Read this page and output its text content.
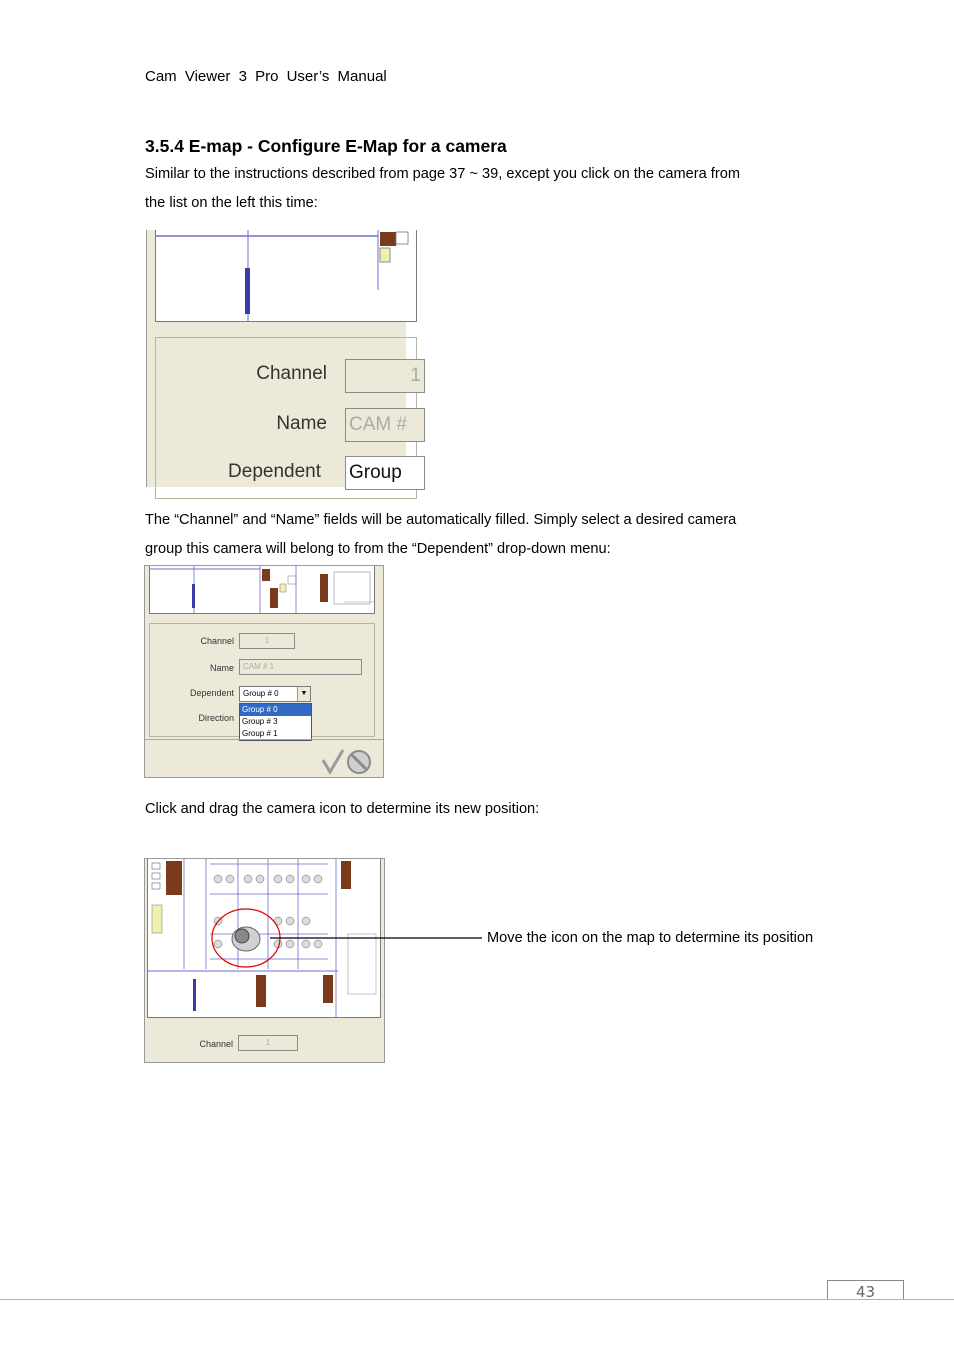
Cam Viewer 3 Pro User’s Manual
3.5.4 E-map - Configure E-Map for a camera
Similar to the instructions described from page 37 ~ 39, except you click on the camera from
the list on the left this time:
Channel	1
Name CAM #
Dependent Group
The “Channel” and “Name” fields will be automatically filled. Simply select a desired camera
group this camera will belong to from the “Dependent” drop-down menu:
Channel	1
Name	CAM # 1
Dependent	Group # 0	▼
Direction
Group # 0
Group # 3
Group # 1
Click and drag the camera icon to determine its new position:
Channel	1
Move the icon on the map to determine its position
43
